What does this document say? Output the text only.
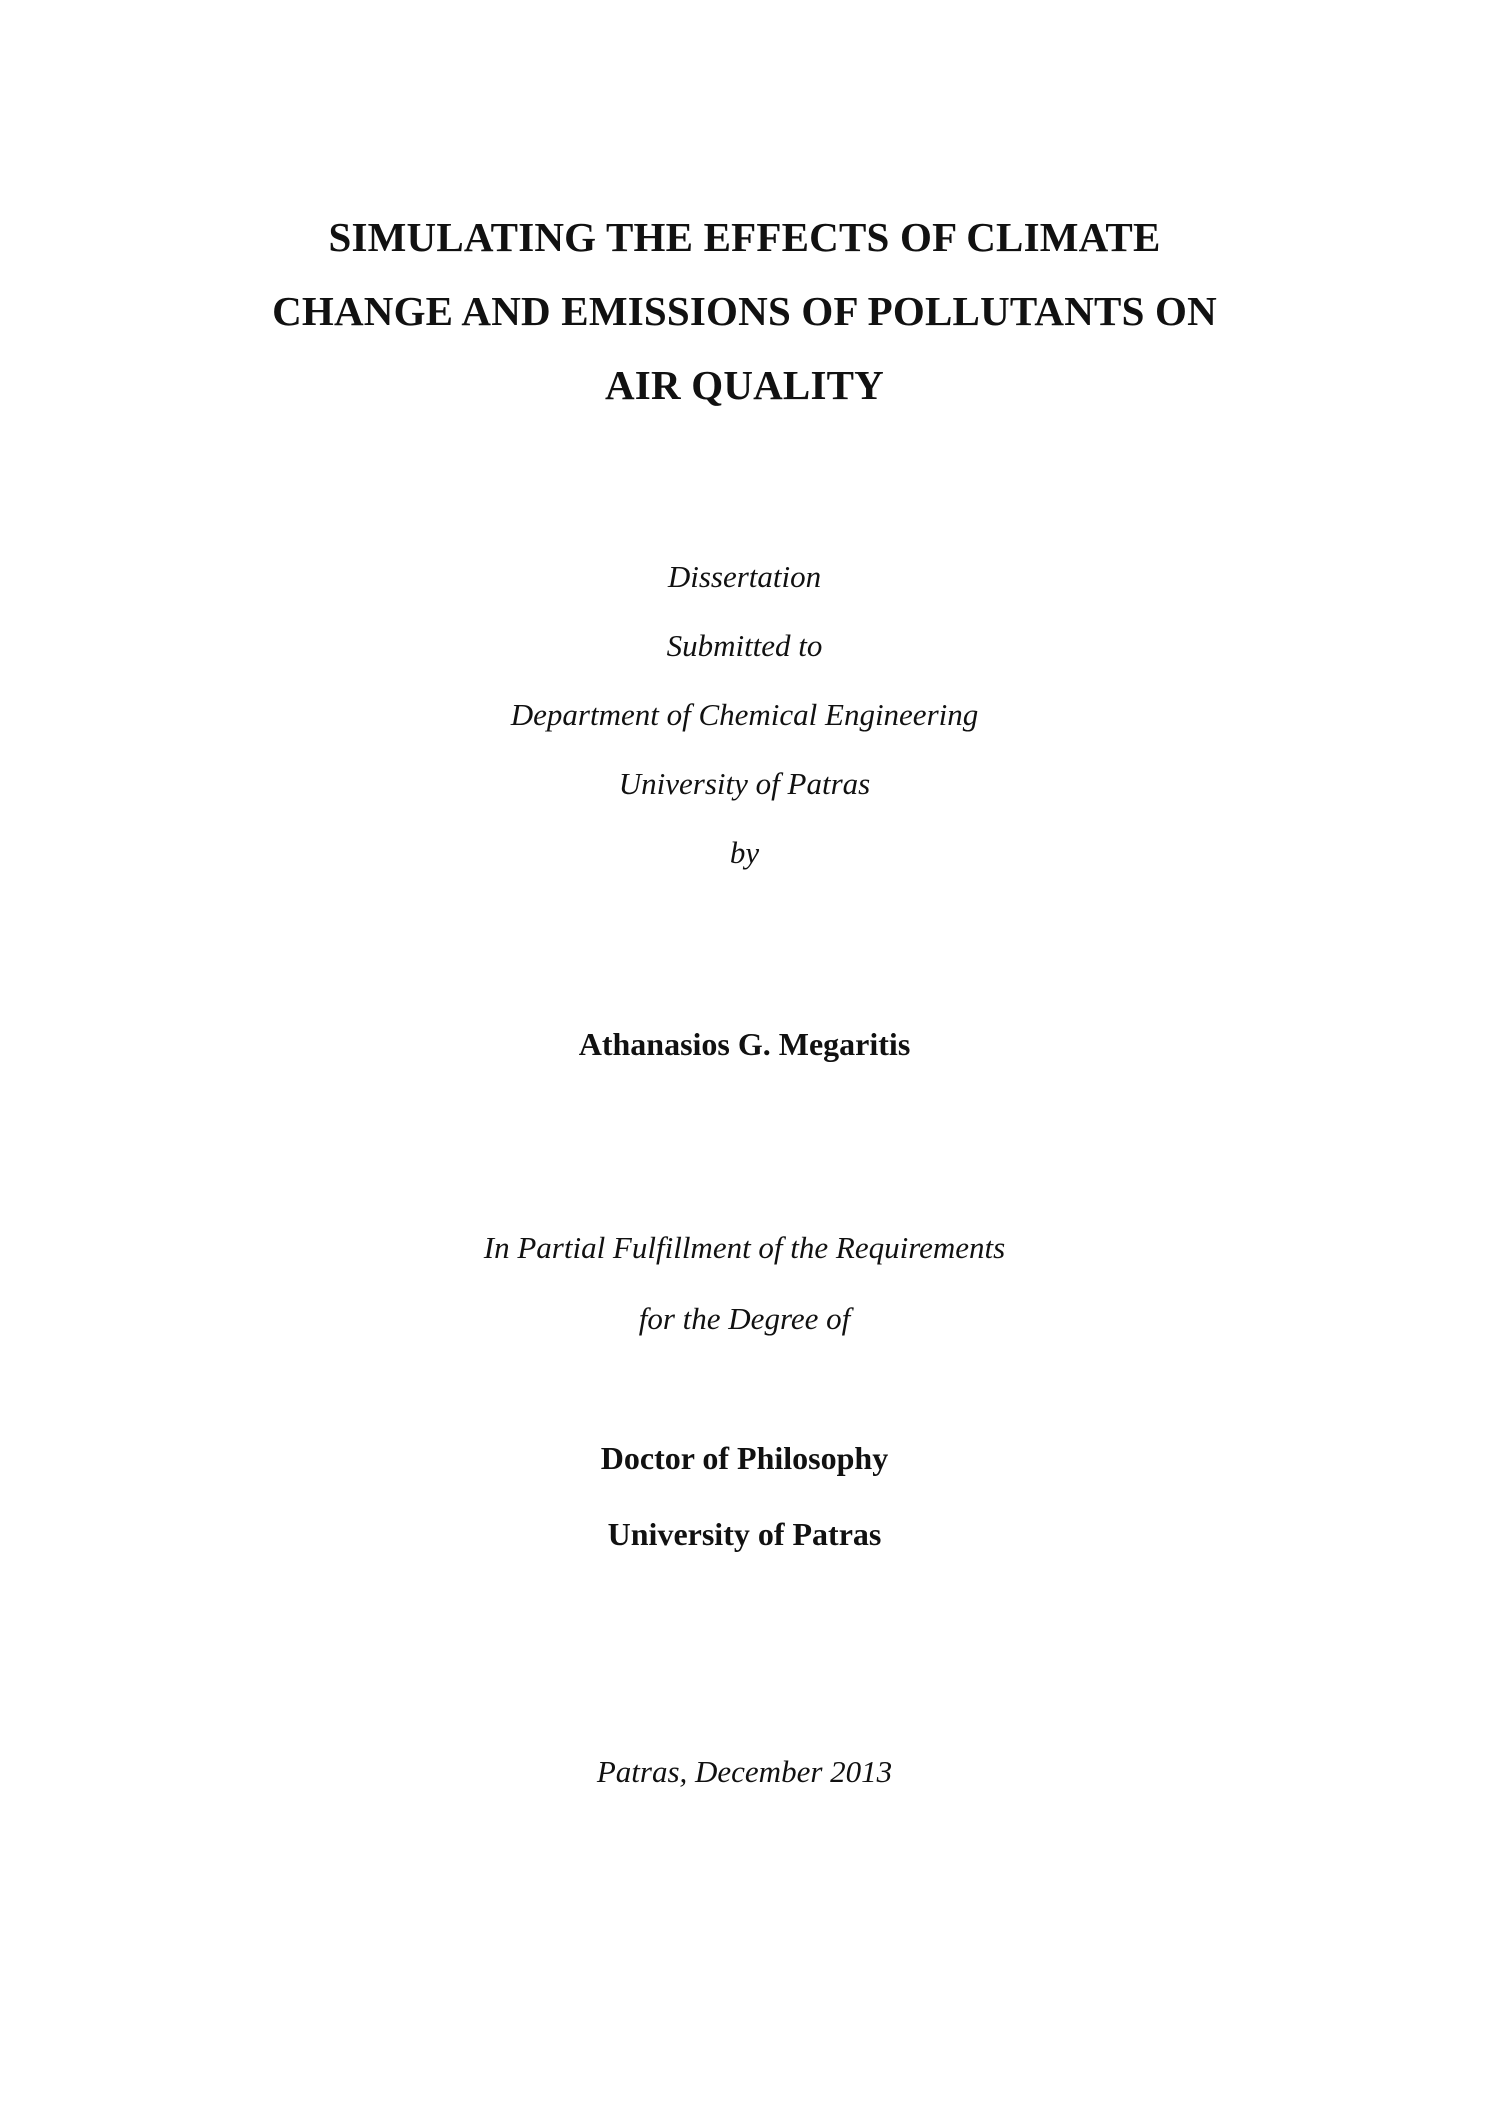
SIMULATING THE EFFECTS OF CLIMATE
CHANGE AND EMISSIONS OF POLLUTANTS ON
AIR QUALITY
Dissertation
Submitted to
Department of Chemical Engineering
University of Patras
by
Athanasios G. Megaritis
In Partial Fulfillment of the Requirements
for the Degree of
Doctor of Philosophy
University of Patras
Patras, December 2013
